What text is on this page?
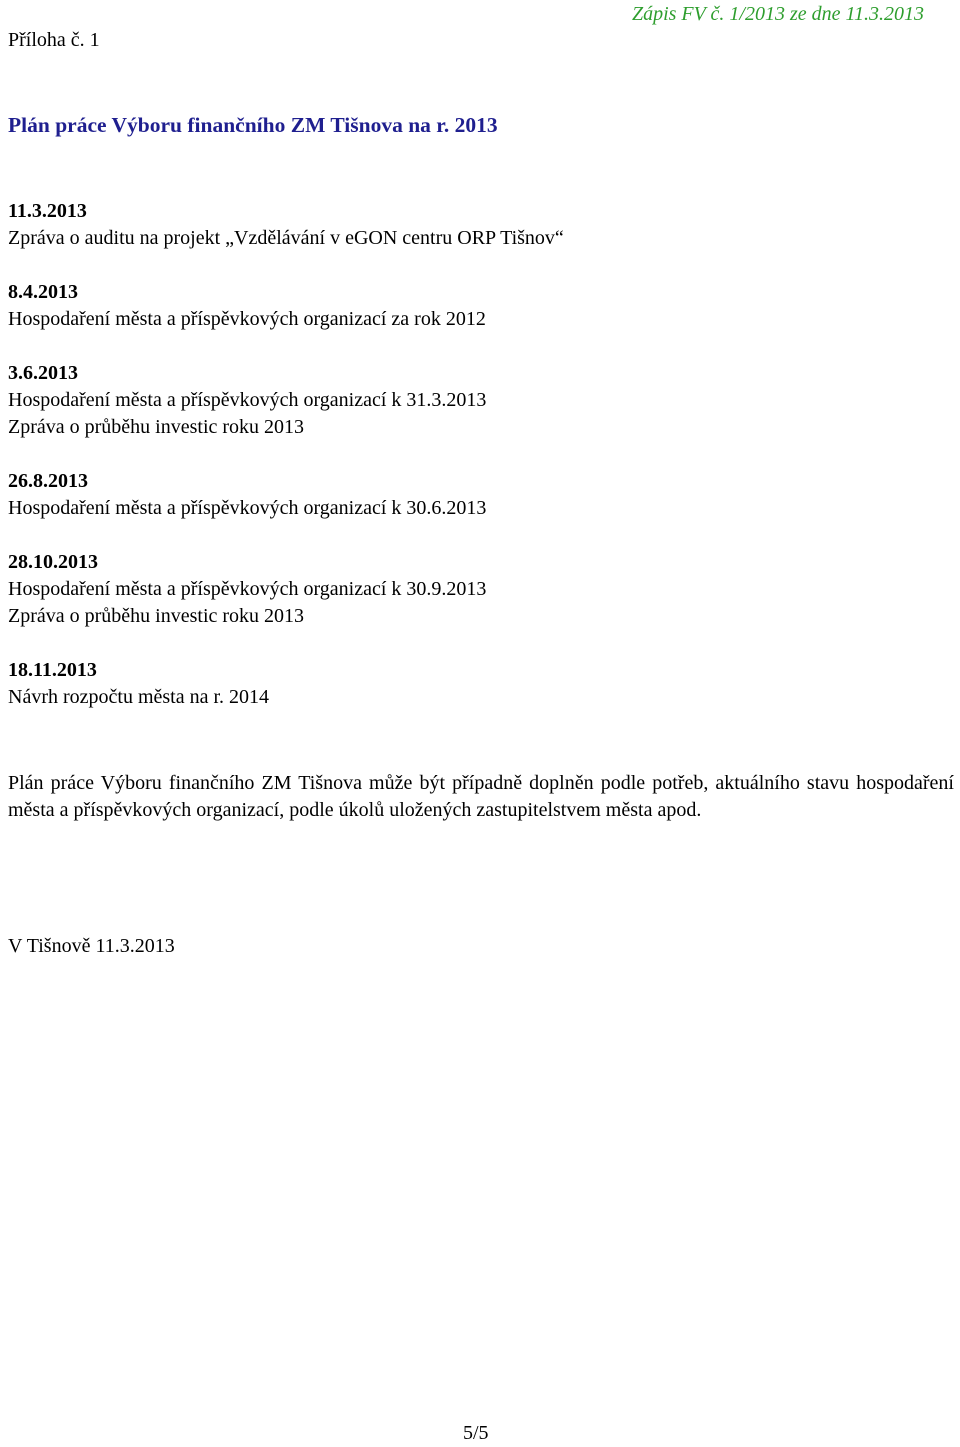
Příloha č. 1
Zápis FV č. 1/2013 ze dne 11.3.2013
Plán práce Výboru finančního ZM Tišnova na r. 2013
11.3.2013
Zpráva o auditu na projekt „Vzdělávání v eGON centru ORP Tišnov“
8.4.2013
Hospodaření města a příspěvkových organizací za rok 2012
3.6.2013
Hospodaření města a příspěvkových organizací k 31.3.2013
Zpráva o průběhu investic roku 2013
26.8.2013
Hospodaření města a příspěvkových organizací k 30.6.2013
28.10.2013
Hospodaření města a příspěvkových organizací k 30.9.2013
Zpráva o průběhu investic roku 2013
18.11.2013
Návrh rozpočtu města na r. 2014

Plán práce Výboru finančního ZM Tišnova může být případně doplněn podle potřeb, aktuálního stavu hospodaření města a příspěvkových organizací, podle úkolů uložených zastupitelstvem města apod.

V Tišnově 11.3.2013
5/5
